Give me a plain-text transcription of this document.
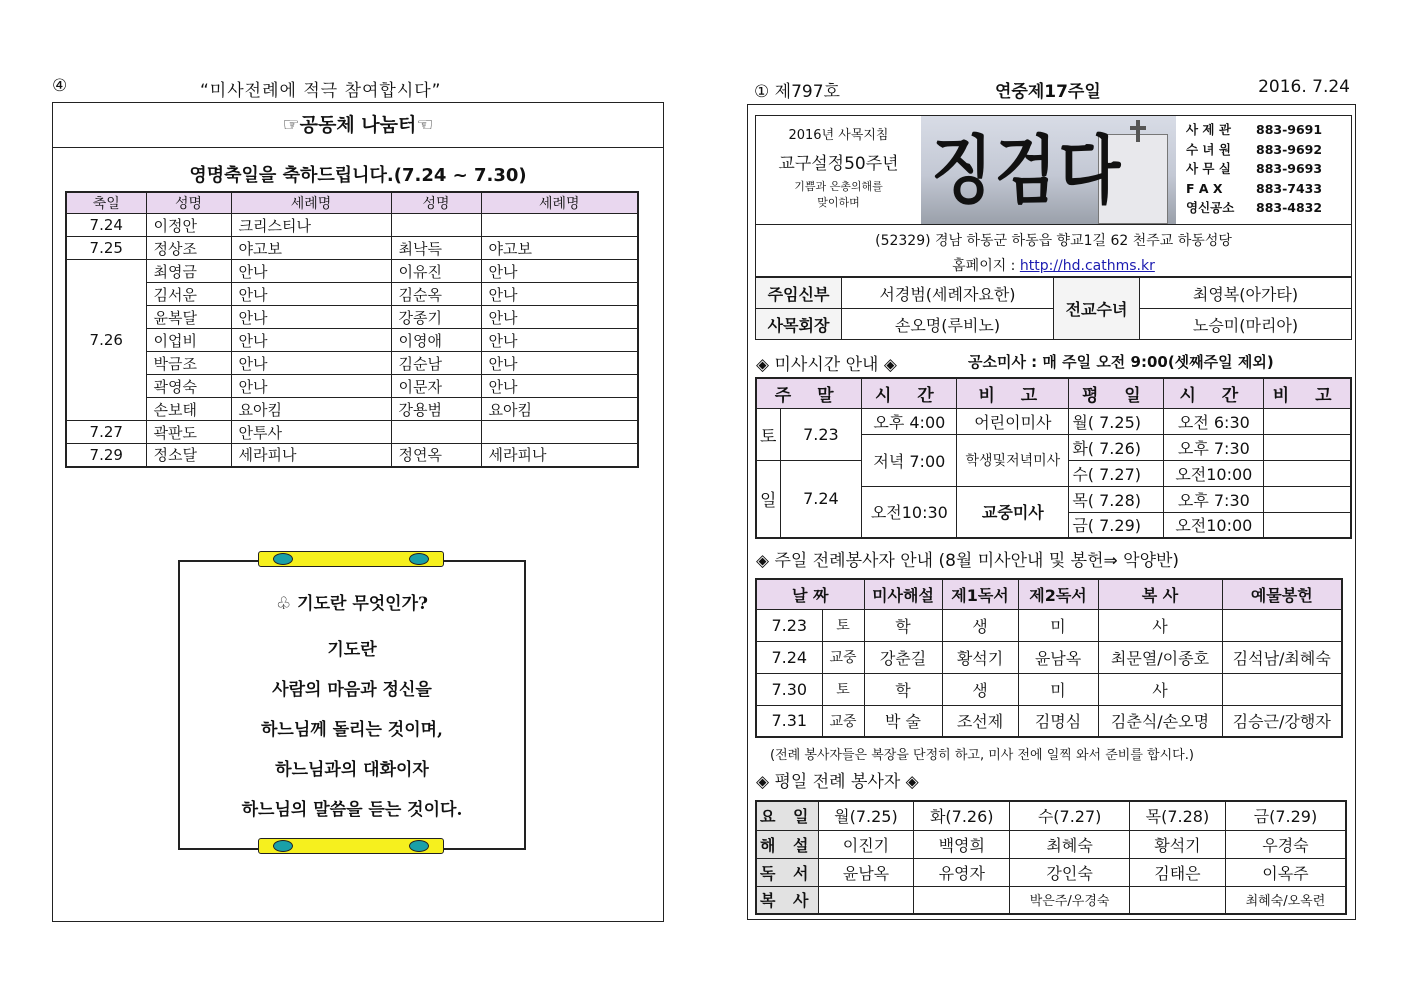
④	“미사전례에 적극 참여합시다”
☞공동체 나눔터☜
영명축일을 축하드립니다.(7.24 ~ 7.30)
축일	성명	세례명	성명	세례명
7.24	이정안	크리스티나		
7.25	정상조	야고보	최낙득	야고보
7.26	최영금	안나	이유진	안나
	김서운	안나	김순옥	안나
	윤복달	안나	강종기	안나
	이업비	안나	이영애	안나
	박금조	안나	김순남	안나
	곽영숙	안나	이문자	안나
	손보태	요아킴	강용범	요아킴
7.27	곽판도	안투사		
7.29	정소달	세라피나	정연옥	세라피나
♧ 기도란 무엇인가?
기도란
사람의 마음과 정신을
하느님께 돌리는 것이며,
하느님과의 대화이자
하느님의 말씀을 듣는 것이다.
① 제797호	연중제17주일	2016. 7.24
2016년 사목지침
교구설정50주년
기쁨과 은총의해를
맞이하며	징검다	사 제 관 883-9691
수 녀 원 883-9692
사 무 실 883-9693
F A X	883-7433
영신공소 883-4832
(52329) 경남 하동군 하동읍 향교1길 62 천주교 하동성당
홈페이지 : http://hd.cathms.kr
주임신부	서경범(세례자요한)	전교수녀	최영복(아가타)
사목회장	손오명(루비노)		노승미(마리아)
◈ 미사시간 안내 ◈	공소미사 : 매 주일 오전 9:00(셋째주일 제외)
주 말		시 간	비 고	평 일	시 간	비 고
토	7.23	오후 4:00	어린이미사	월( 7.25)	오전 6:30	
		저녁 7:00	학생및저녁미사	화( 7.26)	오후 7:30	
일	7.24			수( 7.27)	오전10:00	
		오전10:30	교중미사	목( 7.28)	오후 7:30	
				금( 7.29)	오전10:00	
◈ 주일 전례봉사자 안내 (8월 미사안내 및 봉헌⇒ 악양반)
날 짜		미사해설	제1독서	제2독서	복 사	예물봉헌
7.23	토	학	생	미	사	
7.24	교중	강춘길	황석기	윤남옥	최문열/이종호	김석남/최혜숙
7.30	토	학	생	미	사	
7.31	교중	박 술	조선제	김명심	김춘식/손오명	김승근/강행자
(전례 봉사자들은 복장을 단정히 하고, 미사 전에 일찍 와서 준비를 합시다.)
◈ 평일 전례 봉사자 ◈
요 일	월(7.25)	화(7.26)	수(7.27)	목(7.28)	금(7.29)
해 설	이진기	백영희	최혜숙	황석기	우경숙
독 서	윤남옥	유영자	강인숙	김태은	이옥주
복 사			박은주/우경숙		최혜숙/오옥련
